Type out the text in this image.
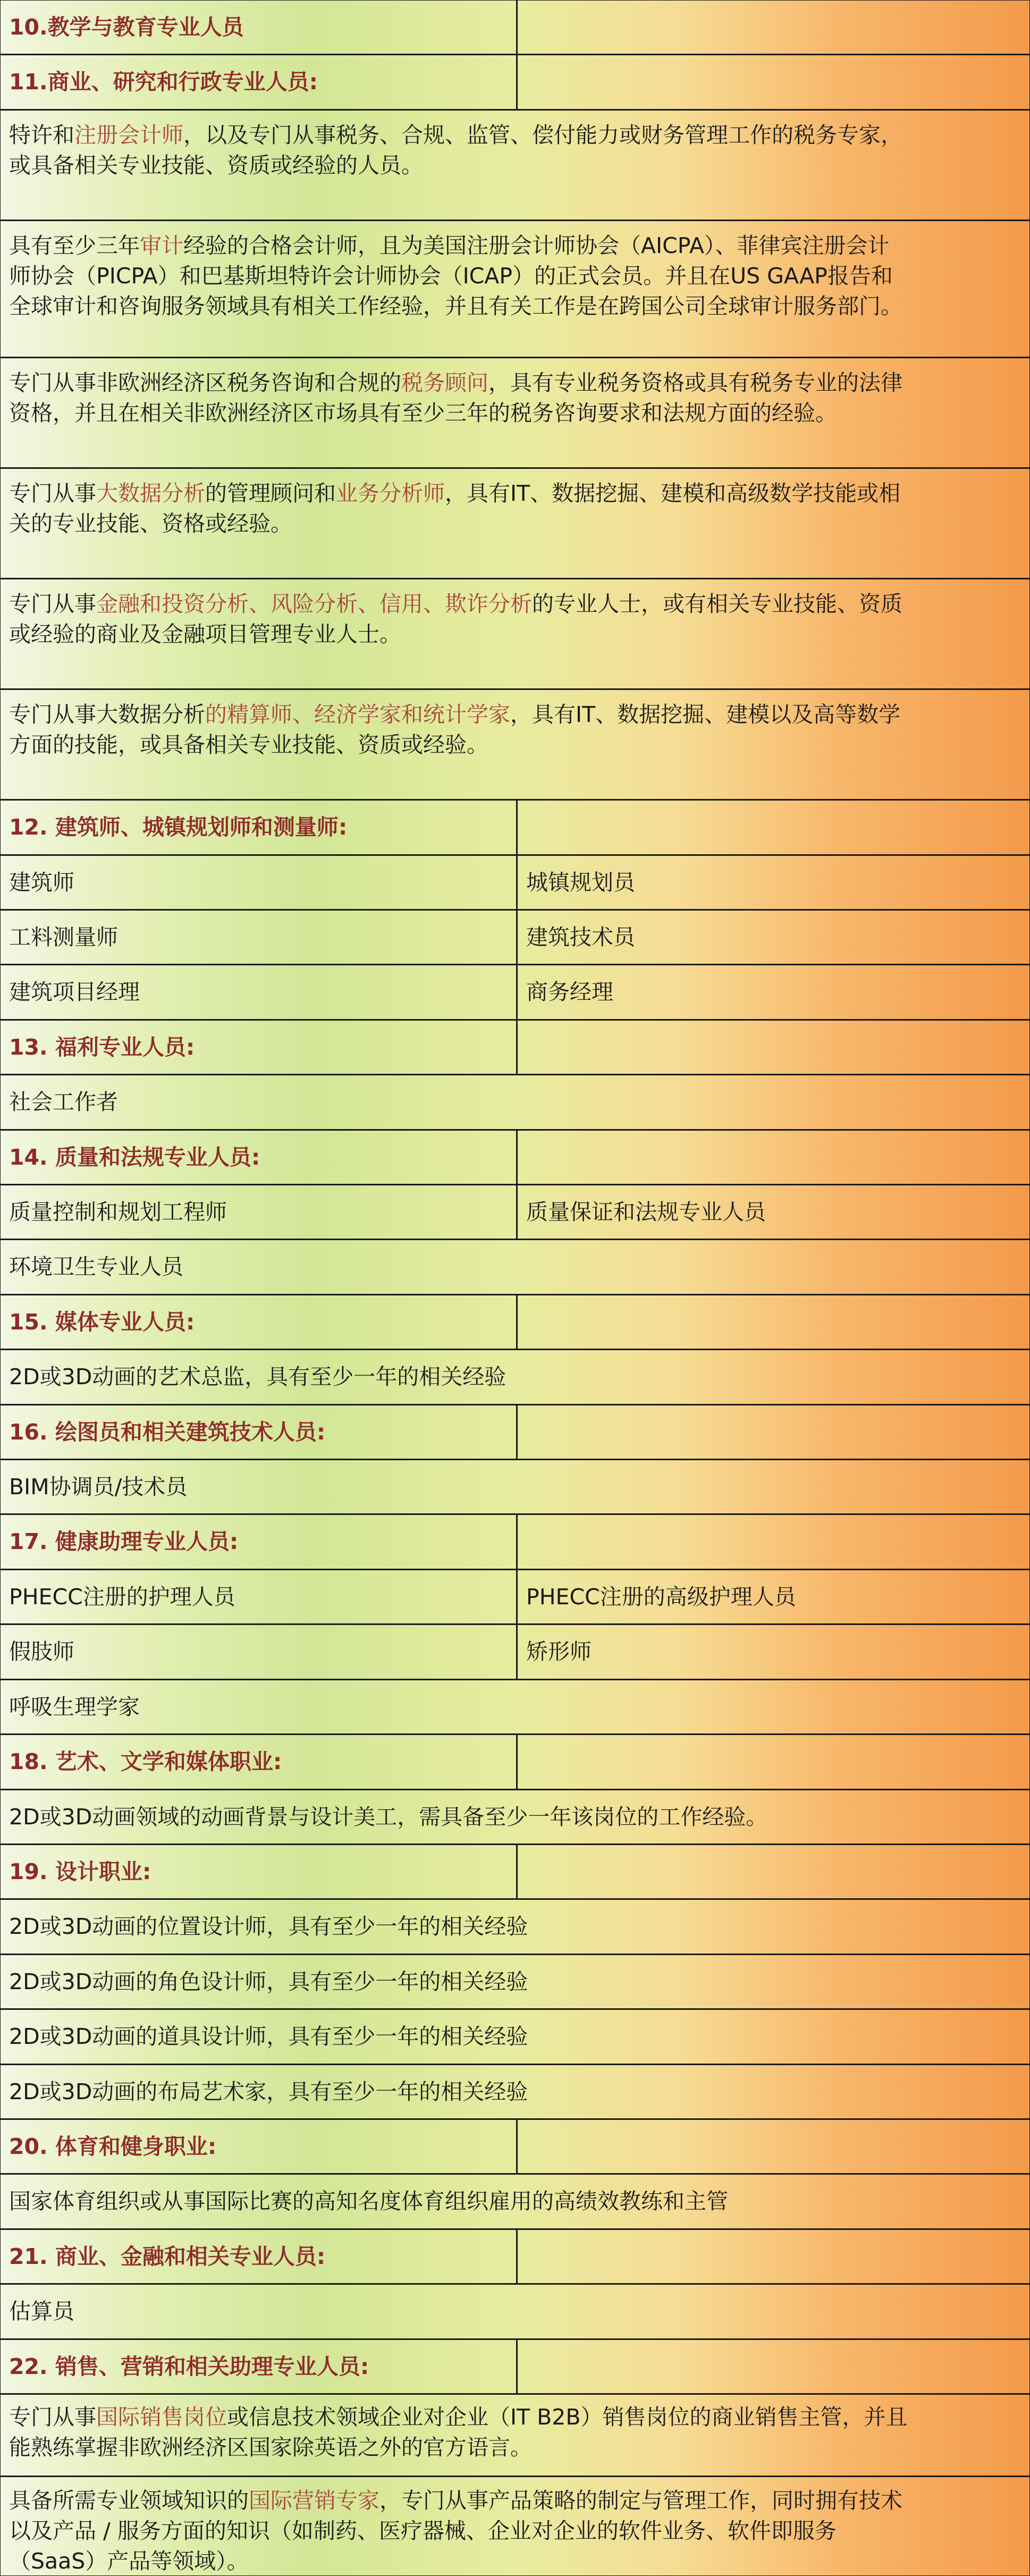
10.教学与教育专业人员
11.商业、研究和行政专业人员:
特许和注册会计师，以及专门从事税务、合规、监管、偿付能力或财务管理工作的税务专家，
或具备相关专业技能、资质或经验的人员。
具有至少三年审计经验的合格会计师，且为美国注册会计师协会（AICPA）、菲律宾注册会计
师协会（PICPA）和巴基斯坦特许会计师协会（ICAP）的正式会员。并且在US GAAP报告和
全球审计和咨询服务领域具有相关工作经验，并且有关工作是在跨国公司全球审计服务部门。
专门从事非欧洲经济区税务咨询和合规的税务顾问，具有专业税务资格或具有税务专业的法律
资格，并且在相关非欧洲经济区市场具有至少三年的税务咨询要求和法规方面的经验。
专门从事大数据分析的管理顾问和业务分析师，具有IT、数据挖掘、建模和高级数学技能或相
关的专业技能、资格或经验。
专门从事金融和投资分析、风险分析、信用、欺诈分析的专业人士，或有相关专业技能、资质
或经验的商业及金融项目管理专业人士。
专门从事大数据分析的精算师、经济学家和统计学家，具有IT、数据挖掘、建模以及高等数学
方面的技能，或具备相关专业技能、资质或经验。
12. 建筑师、城镇规划师和测量师:
建筑师	城镇规划员
工料测量师	建筑技术员
建筑项目经理	商务经理
13. 福利专业人员:
社会工作者
14. 质量和法规专业人员:
质量控制和规划工程师	质量保证和法规专业人员
环境卫生专业人员
15. 媒体专业人员:
2D或3D动画的艺术总监，具有至少一年的相关经验
16. 绘图员和相关建筑技术人员:
BIM协调员/技术员
17. 健康助理专业人员:
PHECC注册的护理人员	PHECC注册的高级护理人员
假肢师	矫形师
呼吸生理学家
18. 艺术、文学和媒体职业:
2D或3D动画领域的动画背景与设计美工，需具备至少一年该岗位的工作经验。
19. 设计职业:
2D或3D动画的位置设计师，具有至少一年的相关经验
2D或3D动画的角色设计师，具有至少一年的相关经验
2D或3D动画的道具设计师，具有至少一年的相关经验
2D或3D动画的布局艺术家，具有至少一年的相关经验
20. 体育和健身职业:
国家体育组织或从事国际比赛的高知名度体育组织雇用的高绩效教练和主管
21. 商业、金融和相关专业人员:
估算员
22. 销售、营销和相关助理专业人员:
专门从事国际销售岗位或信息技术领域企业对企业（IT B2B）销售岗位的商业销售主管，并且
能熟练掌握非欧洲经济区国家除英语之外的官方语言。
具备所需专业领域知识的国际营销专家，专门从事产品策略的制定与管理工作，同时拥有技术
以及产品 / 服务方面的知识（如制药、医疗器械、企业对企业的软件业务、软件即服务
（SaaS）产品等领域）。
